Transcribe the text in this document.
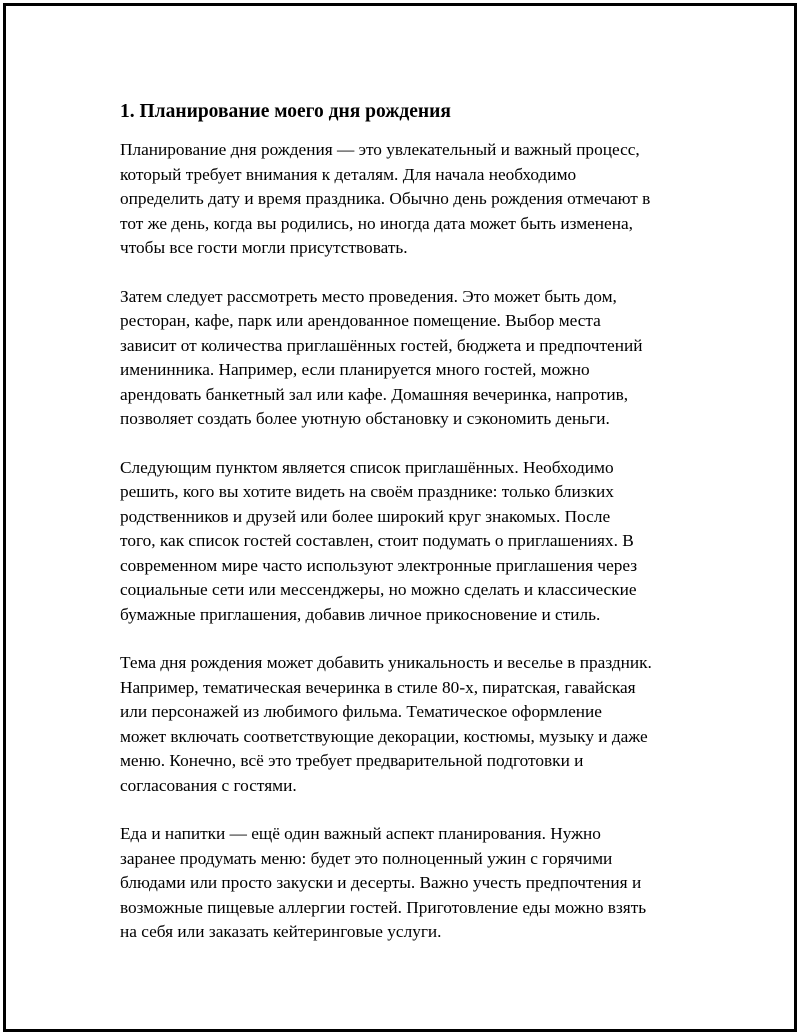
1. Планирование моего дня рождения
Планирование дня рождения — это увлекательный и важный процесс,
который требует внимания к деталям. Для начала необходимо
определить дату и время праздника. Обычно день рождения отмечают в
тот же день, когда вы родились, но иногда дата может быть изменена,
чтобы все гости могли присутствовать.
Затем следует рассмотреть место проведения. Это может быть дом,
ресторан, кафе, парк или арендованное помещение. Выбор места
зависит от количества приглашённых гостей, бюджета и предпочтений
именинника. Например, если планируется много гостей, можно
арендовать банкетный зал или кафе. Домашняя вечеринка, напротив,
позволяет создать более уютную обстановку и сэкономить деньги.
Следующим пунктом является список приглашённых. Необходимо
решить, кого вы хотите видеть на своём празднике: только близких
родственников и друзей или более широкий круг знакомых. После
того, как список гостей составлен, стоит подумать о приглашениях. В
современном мире часто используют электронные приглашения через
социальные сети или мессенджеры, но можно сделать и классические
бумажные приглашения, добавив личное прикосновение и стиль.
Тема дня рождения может добавить уникальность и веселье в праздник.
Например, тематическая вечеринка в стиле 80-х, пиратская, гавайская
или персонажей из любимого фильма. Тематическое оформление
может включать соответствующие декорации, костюмы, музыку и даже
меню. Конечно, всё это требует предварительной подготовки и
согласования с гостями.
Еда и напитки — ещё один важный аспект планирования. Нужно
заранее продумать меню: будет это полноценный ужин с горячими
блюдами или просто закуски и десерты. Важно учесть предпочтения и
возможные пищевые аллергии гостей. Приготовление еды можно взять
на себя или заказать кейтеринговые услуги.
